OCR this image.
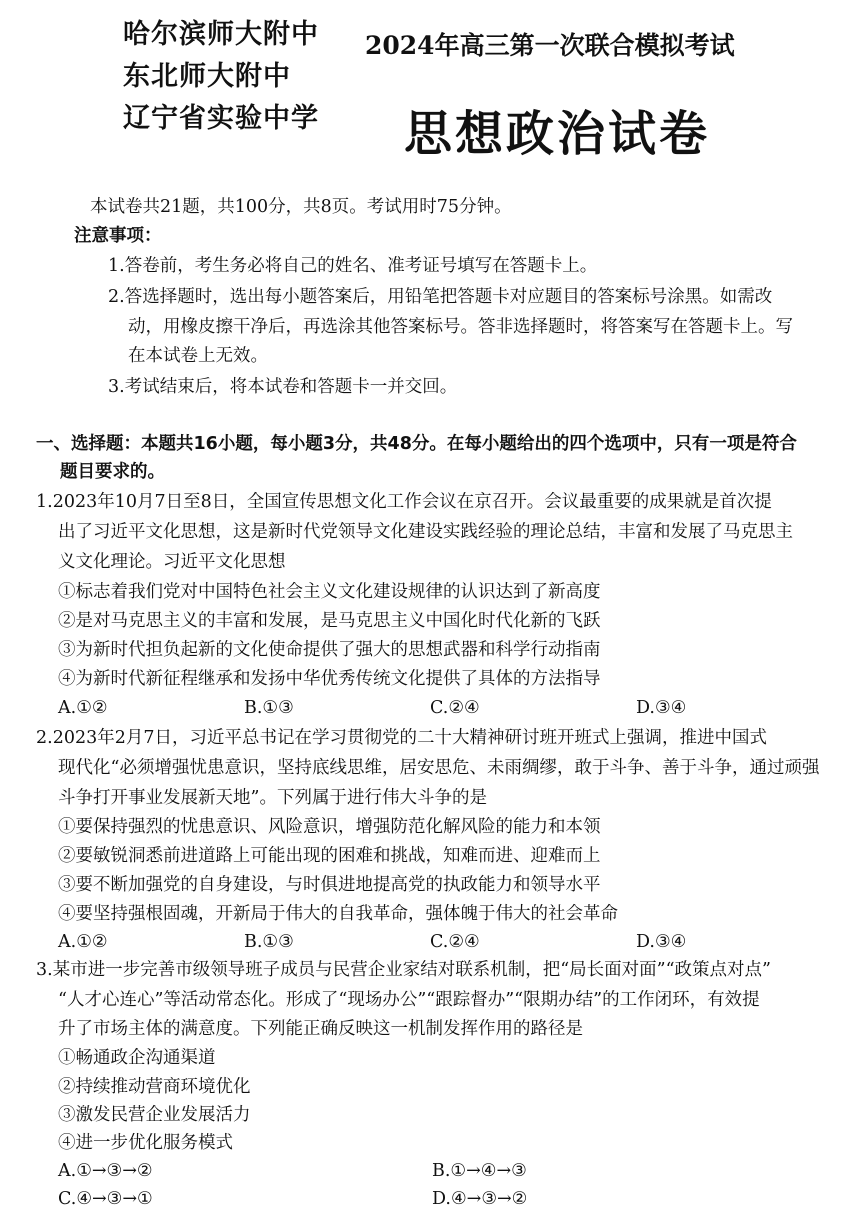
哈尔滨师大附中
东北师大附中
辽宁省实验中学
2024年高三第一次联合模拟考试
思想政治试卷
本试卷共21题，共100分，共8页。考试用时75分钟。
注意事项：
1.答卷前，考生务必将自己的姓名、准考证号填写在答题卡上。
2.答选择题时，选出每小题答案后，用铅笔把答题卡对应题目的答案标号涂黑。如需改
动，用橡皮擦干净后，再选涂其他答案标号。答非选择题时，将答案写在答题卡上。写
在本试卷上无效。
3.考试结束后，将本试卷和答题卡一并交回。
一、选择题：本题共16小题，每小题3分，共48分。在每小题给出的四个选项中，只有一项是符合
题目要求的。
1.2023年10月7日至8日，全国宣传思想文化工作会议在京召开。会议最重要的成果就是首次提
出了习近平文化思想，这是新时代党领导文化建设实践经验的理论总结，丰富和发展了马克思主
义文化理论。习近平文化思想
①标志着我们党对中国特色社会主义文化建设规律的认识达到了新高度
②是对马克思主义的丰富和发展，是马克思主义中国化时代化新的飞跃
③为新时代担负起新的文化使命提供了强大的思想武器和科学行动指南
④为新时代新征程继承和发扬中华优秀传统文化提供了具体的方法指导
A.①②	B.①③	C.②④	D.③④
2.2023年2月7日，习近平总书记在学习贯彻党的二十大精神研讨班开班式上强调，推进中国式
现代化“必须增强忧患意识，坚持底线思维，居安思危、未雨绸缪，敢于斗争、善于斗争，通过顽强
斗争打开事业发展新天地”。下列属于进行伟大斗争的是
①要保持强烈的忧患意识、风险意识，增强防范化解风险的能力和本领
②要敏锐洞悉前进道路上可能出现的困难和挑战，知难而进、迎难而上
③要不断加强党的自身建设，与时俱进地提高党的执政能力和领导水平
④要坚持强根固魂，开新局于伟大的自我革命，强体魄于伟大的社会革命
A.①②	B.①③	C.②④	D.③④
3.某市进一步完善市级领导班子成员与民营企业家结对联系机制，把“局长面对面”“政策点对点”
“人才心连心”等活动常态化。形成了“现场办公”“跟踪督办”“限期办结”的工作闭环，有效提
升了市场主体的满意度。下列能正确反映这一机制发挥作用的路径是
①畅通政企沟通渠道
②持续推动营商环境优化
③激发民营企业发展活力
④进一步优化服务模式
A.①→③→②	B.①→④→③
C.④→③→①	D.④→③→②
